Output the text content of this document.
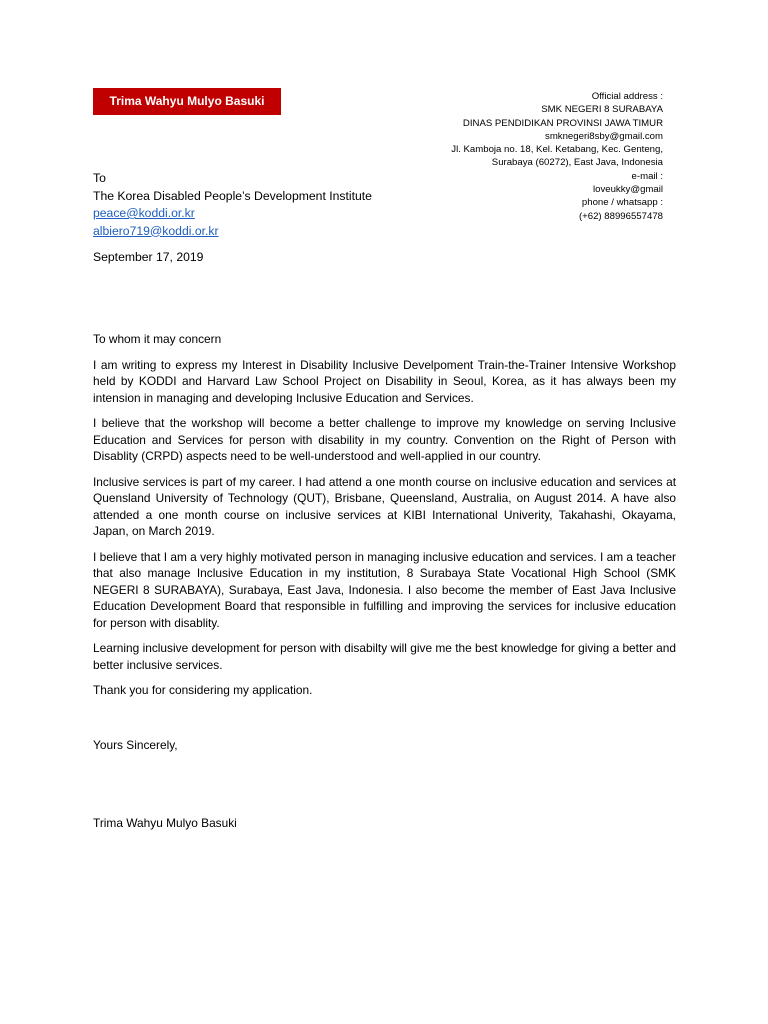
Trima Wahyu Mulyo Basuki	Official address :
SMK NEGERI 8 SURABAYA
DINAS PENDIDIKAN PROVINSI JAWA TIMUR
smknegeri8sby@gmail.com
Jl. Kamboja no. 18, Kel. Ketabang, Kec. Genteng,
Surabaya (60272), East Java, Indonesia
e-mail :
loveukky@gmail
phone / whatsapp :
(+62) 88996557478
To
The Korea Disabled People’s Development Institute
peace@koddi.or.kr
albiero719@koddi.or.kr
September 17, 2019

To whom it may concern

I am writing to express my Interest in Disability Inclusive Develpoment Train-the-Trainer Intensive Workshop held by KODDI and Harvard Law School Project on Disability in Seoul, Korea, as it has always been my intension in managing and developing Inclusive Education and Services.

I believe that the workshop will become a better challenge to improve my knowledge on serving Inclusive Education and Services for person with disability in my country. Convention on the Right of Person with Disablity (CRPD) aspects need to be well-understood and well-applied in our country.

Inclusive services is part of my career. I had attend a one month course on inclusive education and services at Quensland University of Technology (QUT), Brisbane, Queensland, Australia, on August 2014. A have also attended a one month course on inclusive services at KIBI International Univerity, Takahashi, Okayama, Japan, on March 2019.

I believe that I am a very highly motivated person in managing inclusive education and services. I am a teacher that also manage Inclusive Education in my institution, 8 Surabaya State Vocational High School (SMK NEGERI 8 SURABAYA), Surabaya, East Java, Indonesia. I also become the member of East Java Inclusive Education Development Board that responsible in fulfilling and improving the services for inclusive education for person with disablity.

Learning inclusive development for person with disabilty will give me the best knowledge for giving a better and better inclusive services.

Thank you for considering my application.

Yours Sincerely,
Trima Wahyu Mulyo Basuki
